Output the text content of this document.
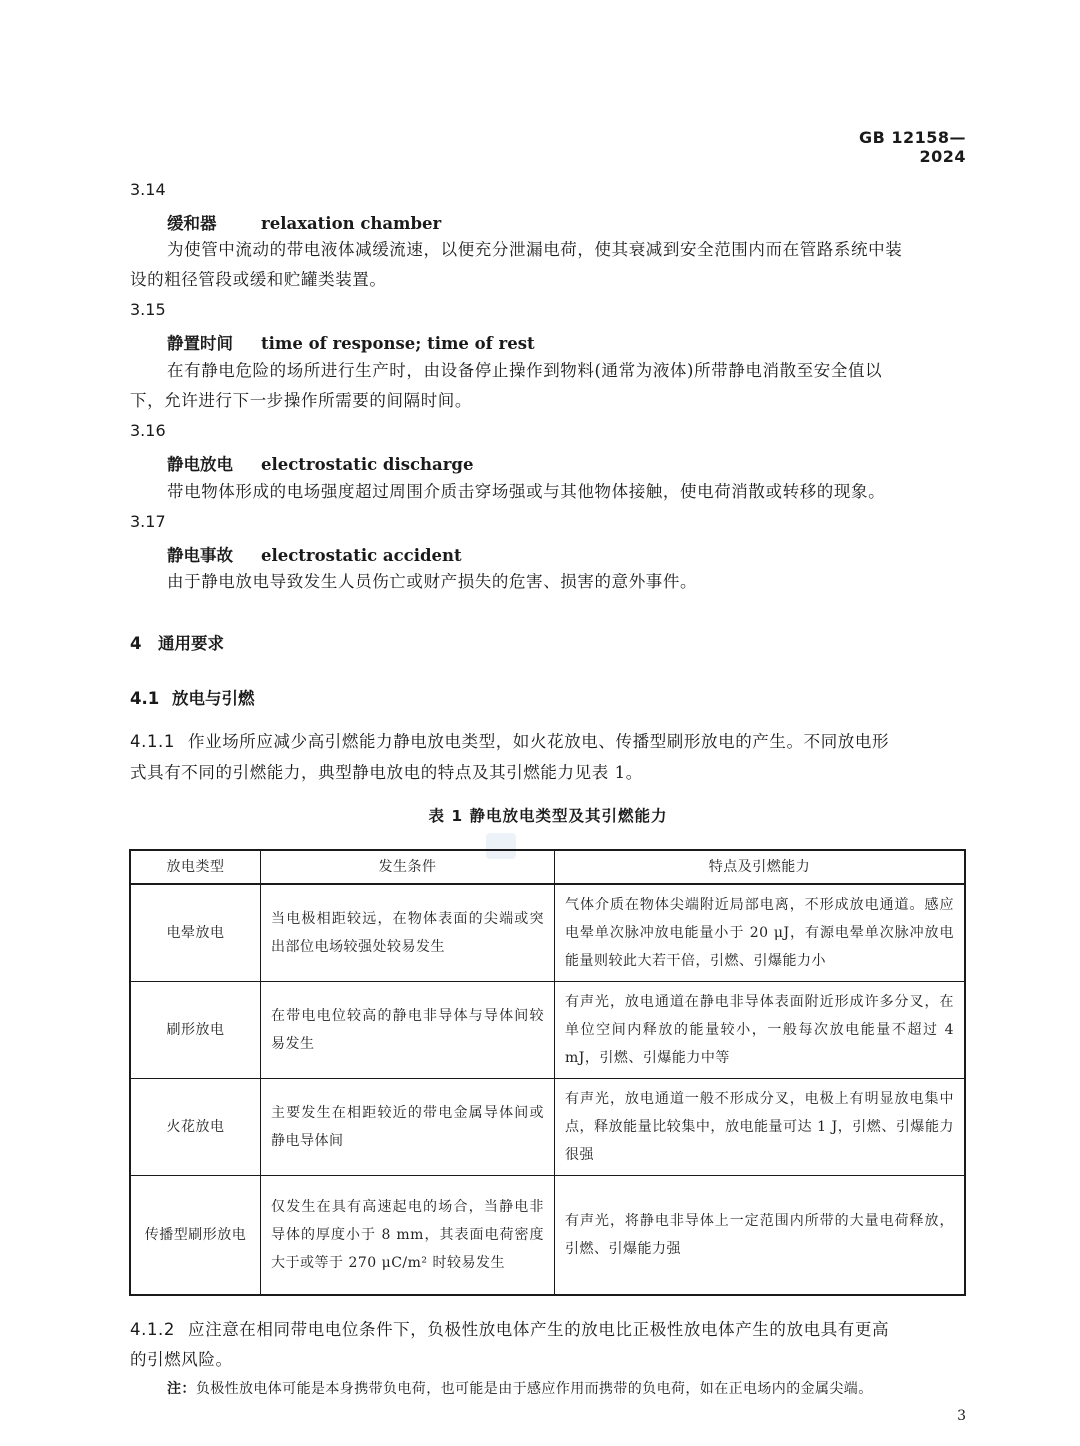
GB 12158—2024
3.14
缓和器	relaxation chamber
为使管中流动的带电液体减缓流速，以便充分泄漏电荷，使其衰减到安全范围内而在管路系统中装
设的粗径管段或缓和贮罐类装置。
3.15
静置时间 time of response; time of rest
在有静电危险的场所进行生产时，由设备停止操作到物料(通常为液体)所带静电消散至安全值以
下，允许进行下一步操作所需要的间隔时间。
3.16
静电放电 electrostatic discharge
带电物体形成的电场强度超过周围介质击穿场强或与其他物体接触，使电荷消散或转移的现象。
3.17
静电事故 electrostatic accident
由于静电放电导致发生人员伤亡或财产损失的危害、损害的意外事件。
4 通用要求
4.1 放电与引燃
4.1.1 作业场所应减少高引燃能力静电放电类型，如火花放电、传播型刷形放电的产生。不同放电形
式具有不同的引燃能力，典型静电放电的特点及其引燃能力见表 1。
表 1 静电放电类型及其引燃能力
放电类型	发生条件	特点及引燃能力
电晕放电	当电极相距较远，在物体表面的尖端或突出部位电场较强处较易发生	气体介质在物体尖端附近局部电离，不形成放电通道。感应电晕单次脉冲放电能量小于 20 μJ，有源电晕单次脉冲放电能量则较此大若干倍，引燃、引爆能力小
刷形放电	在带电电位较高的静电非导体与导体间较易发生	有声光，放电通道在静电非导体表面附近形成许多分叉，在单位空间内释放的能量较小，一般每次放电能量不超过 4 mJ，引燃、引爆能力中等
火花放电	主要发生在相距较近的带电金属导体间或静电导体间	有声光，放电通道一般不形成分叉，电极上有明显放电集中点，释放能量比较集中，放电能量可达 1 J，引燃、引爆能力很强
传播型刷形放电	仅发生在具有高速起电的场合，当静电非导体的厚度小于 8 mm，其表面电荷密度大于或等于 270 μC/m² 时较易发生	有声光，将静电非导体上一定范围内所带的大量电荷释放，引燃、引爆能力强
4.1.2 应注意在相同带电电位条件下，负极性放电体产生的放电比正极性放电体产生的放电具有更高
的引燃风险。
注：负极性放电体可能是本身携带负电荷，也可能是由于感应作用而携带的负电荷，如在正电场内的金属尖端。
3
